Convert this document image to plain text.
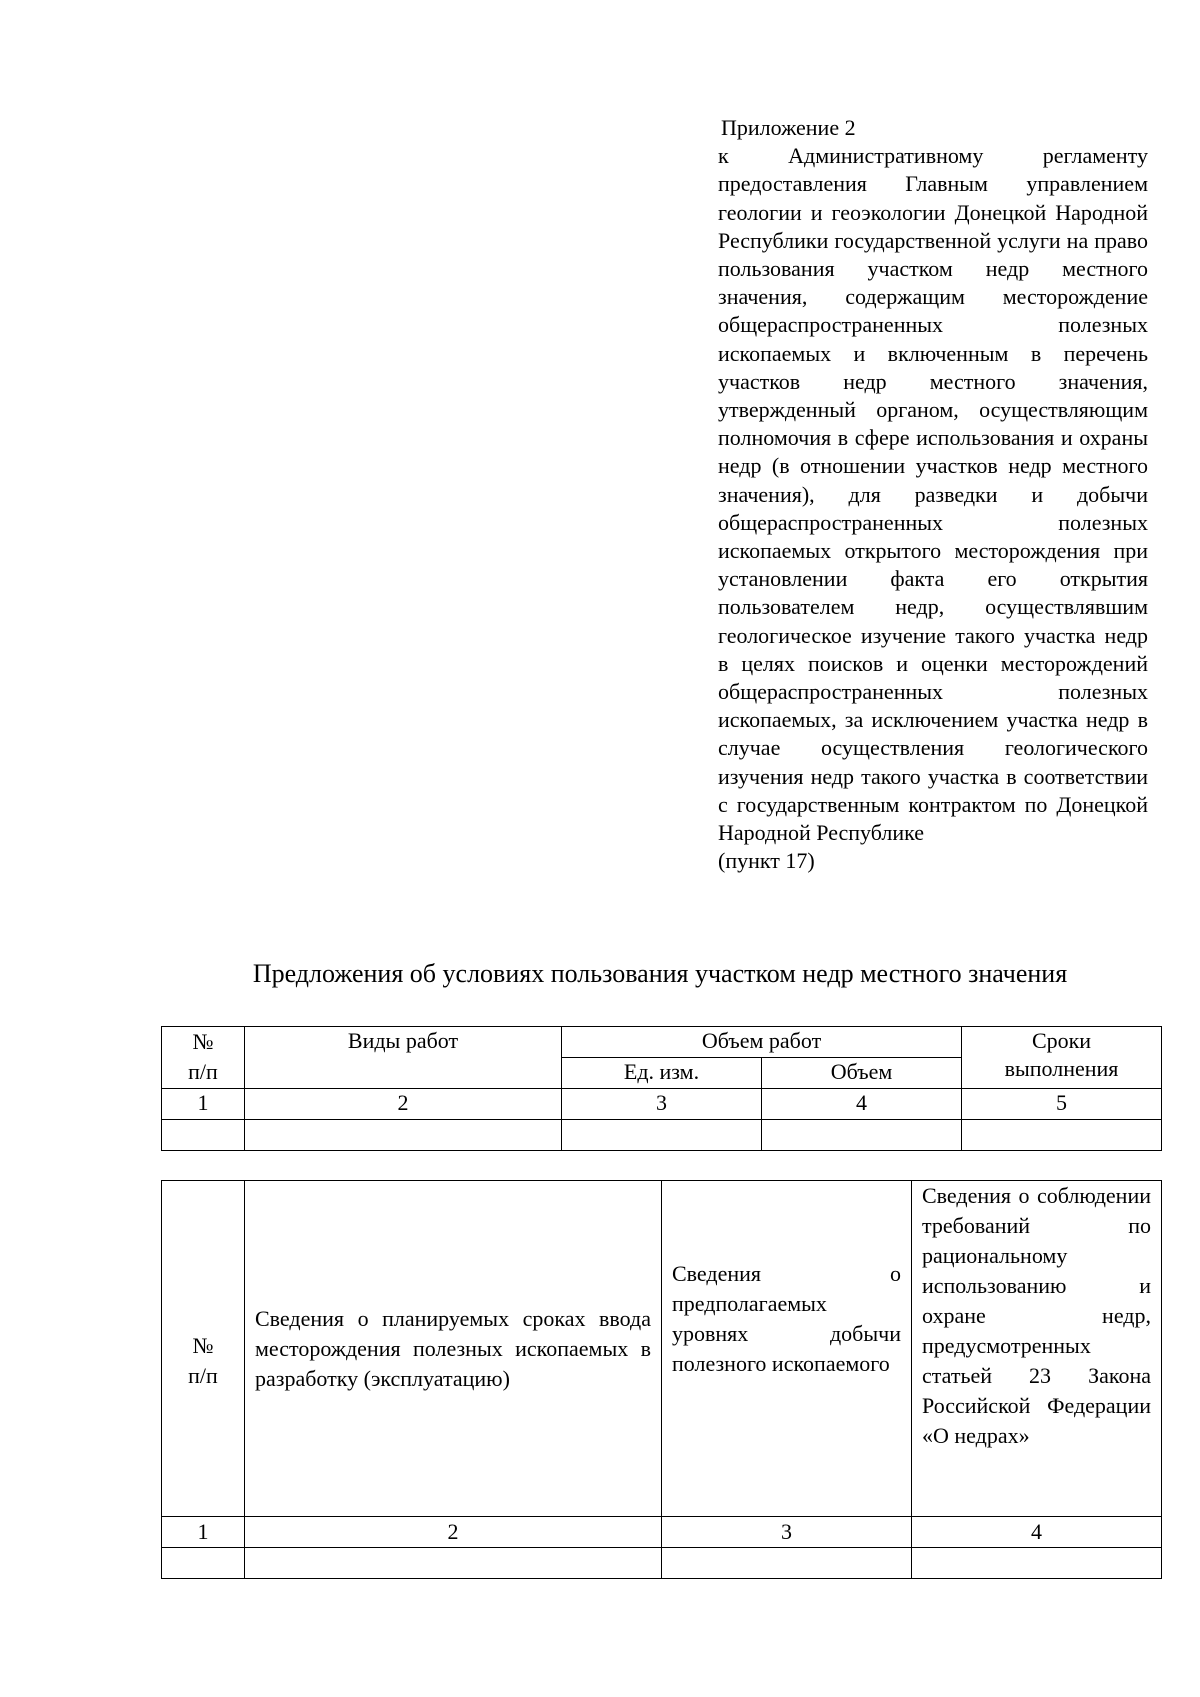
Приложение 2
к Административному регламенту предоставления Главным управлением геологии и геоэкологии Донецкой Народной Республики государственной услуги на право пользования участком недр местного значения, содержащим месторождение общераспространенных полезных ископаемых и включенным в перечень участков недр местного значения, утвержденный органом, осуществляющим полномочия в сфере использования и охраны недр (в отношении участков недр местного значения), для разведки и добычи общераспространенных полезных ископаемых открытого месторождения при установлении факта его открытия пользователем недр, осуществлявшим геологическое изучение такого участка недр в целях поисков и оценки месторождений общераспространенных полезных ископаемых, за исключением участка недр в случае осуществления геологического изучения недр такого участка в соответствии с государственным контрактом по Донецкой Народной Республике
(пункт 17)
Предложения об условиях пользования участком недр местного значения
№
п/п	Виды работ	Объем работ		Сроки выполнения
		Ед. изм.	Объем	
1	2	3	4	5

№ п/п	Сведения о планируемых сроках ввода месторождения полезных ископаемых в разработку (эксплуатацию)	Сведения о предполагаемых уровнях добычи полезного ископаемого	Сведения о соблюдении требований по рациональному использованию и охране недр, предусмотренных статьей 23 Закона Российской Федерации «О недрах»
1	2	3	4
